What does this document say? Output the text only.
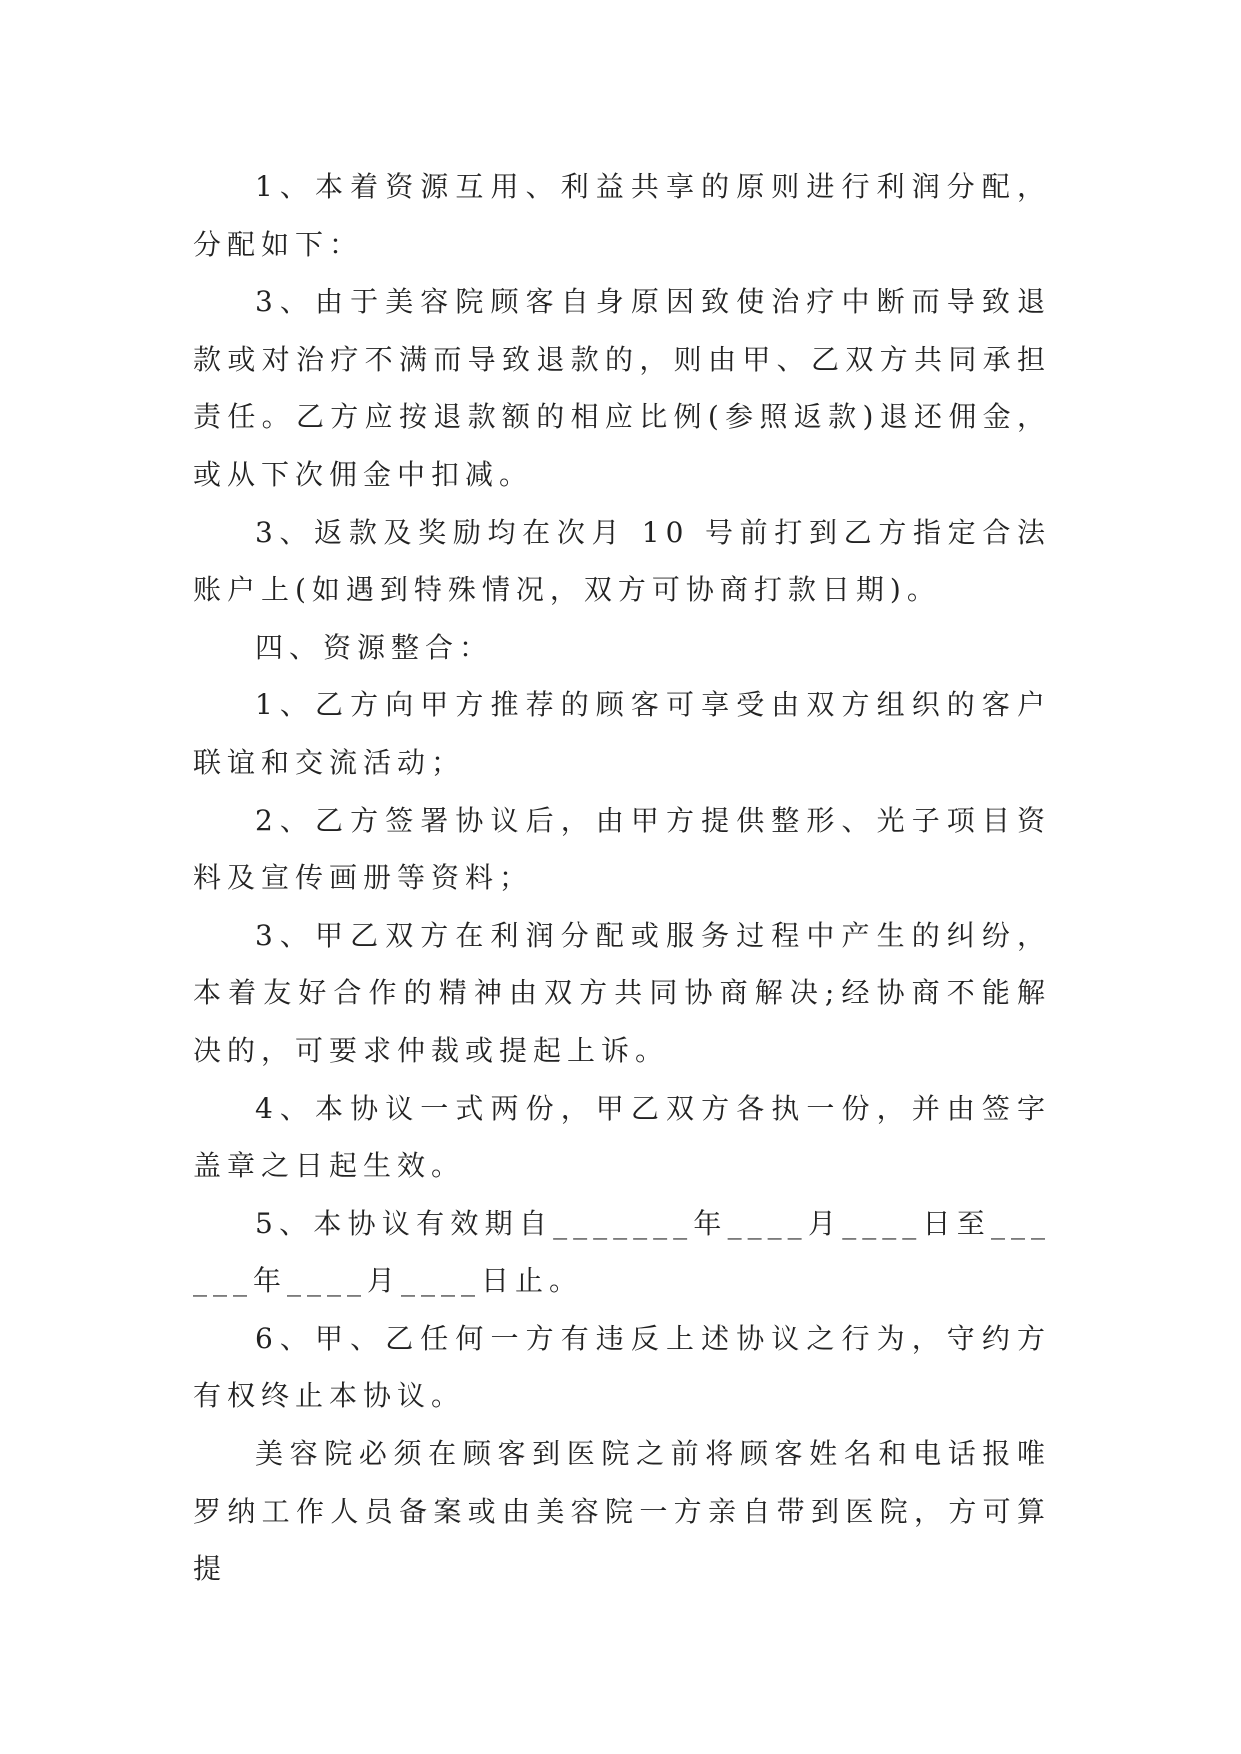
1、本着资源互用、利益共享的原则进行利润分配，分配如下：

3、由于美容院顾客自身原因致使治疗中断而导致退款或对治疗不满而导致退款的，则由甲、乙双方共同承担责任。乙方应按退款额的相应比例(参照返款)退还佣金，或从下次佣金中扣减。

3、返款及奖励均在次月 10 号前打到乙方指定合法账户上(如遇到特殊情况，双方可协商打款日期)。

四、资源整合：

1、乙方向甲方推荐的顾客可享受由双方组织的客户联谊和交流活动；

2、乙方签署协议后，由甲方提供整形、光子项目资料及宣传画册等资料；

3、甲乙双方在利润分配或服务过程中产生的纠纷，本着友好合作的精神由双方共同协商解决;经协商不能解决的，可要求仲裁或提起上诉。

4、本协议一式两份，甲乙双方各执一份，并由签字盖章之日起生效。

5、本协议有效期自_______年____月____日至______年____月____日止。

6、甲、乙任何一方有违反上述协议之行为，守约方有权终止本协议。

美容院必须在顾客到医院之前将顾客姓名和电话报唯罗纳工作人员备案或由美容院一方亲自带到医院，方可算提
